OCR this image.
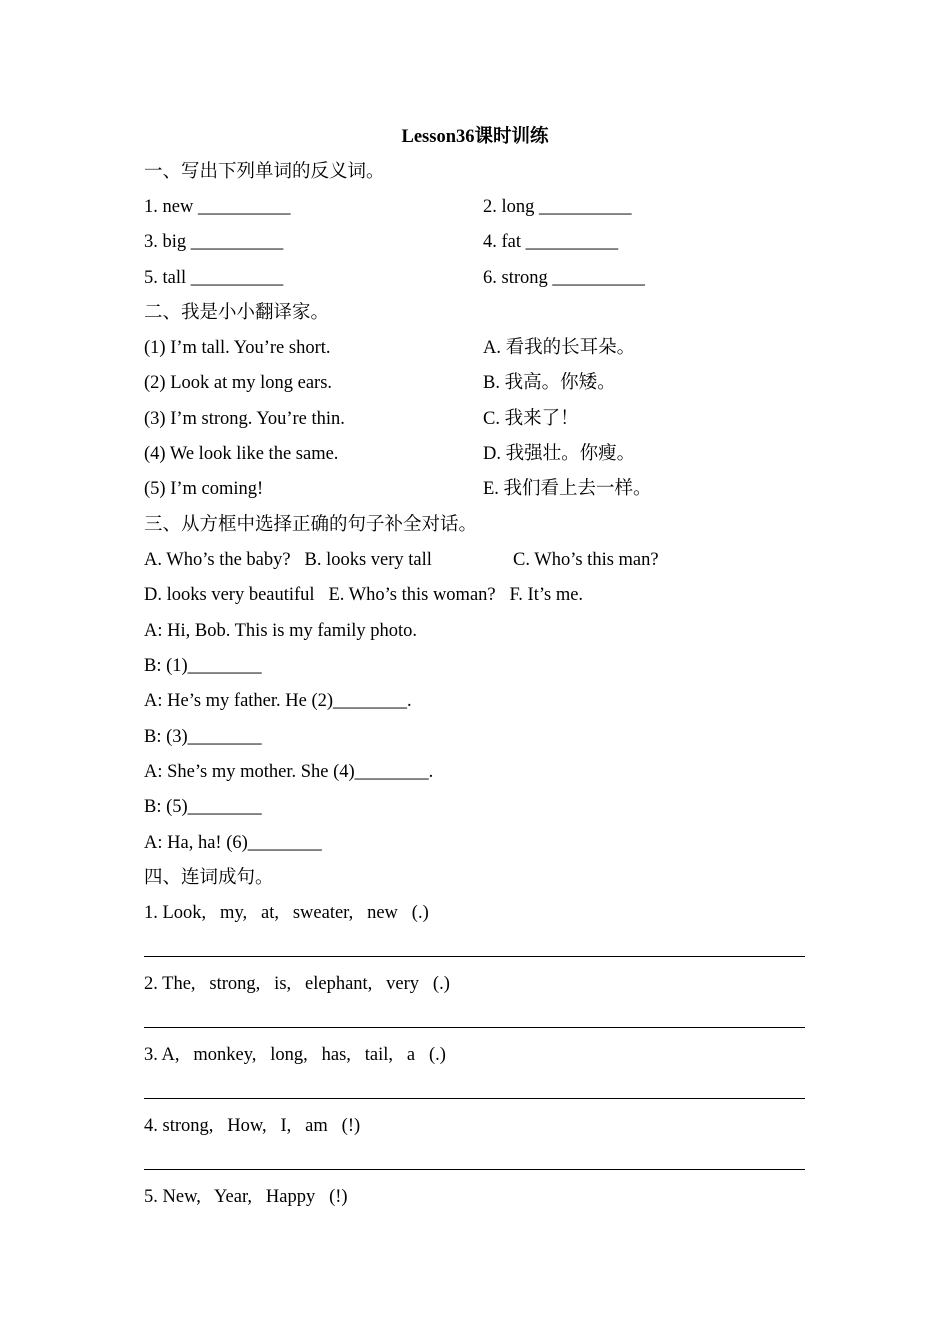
Lesson36课时训练
一、写出下列单词的反义词。
1. new __________	2. long __________
3. big __________	4. fat __________
5. tall __________	6. strong __________
二、我是小小翻译家。
(1) I’m tall. You’re short.	A. 看我的长耳朵。
(2) Look at my long ears.	B. 我高。你矮。
(3) I’m strong. You’re thin.	C. 我来了！
(4) We look like the same.	D. 我强壮。你瘦。
(5) I’m coming!	E. 我们看上去一样。
三、从方框中选择正确的句子补全对话。
A. Who’s the baby?   B. looks very tall	C. Who’s this man?
D. looks very beautiful   E. Who’s this woman?   F. It’s me.
A: Hi, Bob. This is my family photo.
B: (1)________
A: He’s my father. He (2)________.
B: (3)________
A: She’s my mother. She (4)________.
B: (5)________
A: Ha, ha! (6)________
四、连词成句。
1. Look,   my,   at,   sweater,   new   (.)
2. The,   strong,   is,   elephant,   very   (.)
3. A,   monkey,   long,   has,   tail,   a   (.)
4. strong,   How,   I,   am   (!)
5. New,   Year,   Happy   (!)
